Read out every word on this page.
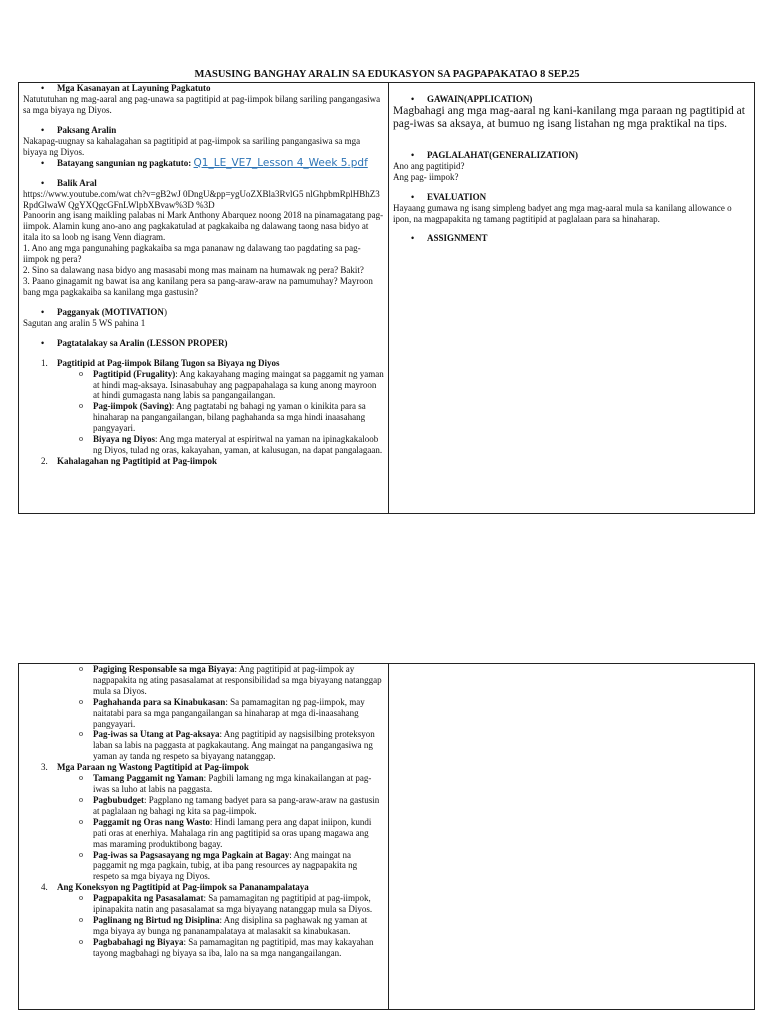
MASUSING BANGHAY ARALIN SA EDUKASYON SA PAGPAPAKATAO 8 SEP.25
• Mga Kasanayan at Layuning Pagkatuto
Natututuhan ng mag-aaral ang pag-unawa sa pagtitipid at pag-iimpok bilang sariling pangangasiwa sa mga biyaya ng Diyos.
• Paksang Aralin
Nakapag-uugnay sa kahalagahan sa pagtitipid at pag-iimpok sa sariling pangangasiwa sa mga biyaya ng Diyos.
• Batayang sangunian ng pagkatuto: Q1_LE_VE7_Lesson 4_Week 5.pdf
• Balik Aral
https://www.youtube.com/wat ch?v=gB2wJ 0DngU&pp=ygUoZXBla3RvlG5 nlGhpbmRplHBhZ3RpdGlwaW QgYXQgcGFnLWlpbXBvaw%3D %3D
Panoorin ang isang maikling palabas ni Mark Anthony Abarquez noong 2018 na pinamagatang pag-iimpok. Alamin kung ano-ano ang pagkakatulad at pagkakaiba ng dalawang taong nasa bidyo at itala ito sa loob ng isang Venn diagram.
1. Ano ang mga pangunahing pagkakaiba sa mga pananaw ng dalawang tao pagdating sa pag-iimpok ng pera?
2. Sino sa dalawang nasa bidyo ang masasabi mong mas mainam na humawak ng pera? Bakit?
3. Paano ginagamit ng bawat isa ang kanilang pera sa pang-araw-araw na pamumuhay? Mayroon bang mga pagkakaiba sa kanilang mga gastusin?
• Pagganyak (MOTIVATION)
Sagutan ang aralin 5 WS pahina 1
• Pagtatalakay sa Aralin (LESSON PROPER)
1. Pagtitipid at Pag-iimpok Bilang Tugon sa Biyaya ng Diyos
o Pagtitipid (Frugality): Ang kakayahang maging maingat sa paggamit ng yaman at hindi mag-aksaya. Isinasabuhay ang pagpapahalaga sa kung anong mayroon at hindi gumagasta nang labis sa pangangailangan.
o Pag-iimpok (Saving): Ang pagtatabi ng bahagi ng yaman o kinikita para sa hinaharap na pangangailangan, bilang paghahanda sa mga hindi inaasahang pangyayari.
o Biyaya ng Diyos: Ang mga materyal at espiritwal na yaman na ipinagkakaloob ng Diyos, tulad ng oras, kakayahan, yaman, at kalusugan, na dapat pangalagaan.
2. Kahalagahan ng Pagtitipid at Pag-iimpok
• GAWAIN(APPLICATION)
Magbahagi ang mga mag-aaral ng kani-kanilang mga paraan ng pagtitipid at pag-iwas sa aksaya, at bumuo ng isang listahan ng mga praktikal na tips.
• PAGLALAHAT(GENERALIZATION)
Ano ang pagtitipid?
Ang pag- iimpok?
• EVALUATION
Hayaang gumawa ng isang simpleng badyet ang mga mag-aaral mula sa kanilang allowance o ipon, na magpapakita ng tamang pagtitipid at paglalaan para sa hinaharap.
• ASSIGNMENT
o Pagiging Responsable sa mga Biyaya: Ang pagtitipid at pag-iimpok ay nagpapakita ng ating pasasalamat at responsibilidad sa mga biyayang natanggap mula sa Diyos.
o Paghahanda para sa Kinabukasan: Sa pamamagitan ng pag-iimpok, may naitatabi para sa mga pangangailangan sa hinaharap at mga di-inaasahang pangyayari.
o Pag-iwas sa Utang at Pag-aksaya: Ang pagtitipid ay nagsisilbing proteksyon laban sa labis na paggasta at pagkakautang. Ang maingat na pangangasiwa ng yaman ay tanda ng respeto sa biyayang natanggap.
3. Mga Paraan ng Wastong Pagtitipid at Pag-iimpok
o Tamang Paggamit ng Yaman: Pagbili lamang ng mga kinakailangan at pag-iwas sa luho at labis na paggasta.
o Pagbubudget: Pagplano ng tamang badyet para sa pang-araw-araw na gastusin at paglalaan ng bahagi ng kita sa pag-iimpok.
o Paggamit ng Oras nang Wasto: Hindi lamang pera ang dapat iniipon, kundi pati oras at enerhiya. Mahalaga rin ang pagtitipid sa oras upang magawa ang mas maraming produktibong bagay.
o Pag-iwas sa Pagsasayang ng mga Pagkain at Bagay: Ang maingat na paggamit ng mga pagkain, tubig, at iba pang resources ay nagpapakita ng respeto sa mga biyaya ng Diyos.
4. Ang Koneksyon ng Pagtitipid at Pag-iimpok sa Pananampalataya
o Pagpapakita ng Pasasalamat: Sa pamamagitan ng pagtitipid at pag-iimpok, ipinapakita natin ang pasasalamat sa mga biyayang natanggap mula sa Diyos.
o Paglinang ng Birtud ng Disiplina: Ang disiplina sa paghawak ng yaman at mga biyaya ay bunga ng pananampalataya at malasakit sa kinabukasan.
o Pagbabahagi ng Biyaya: Sa pamamagitan ng pagtitipid, mas may kakayahan tayong magbahagi ng biyaya sa iba, lalo na sa mga nangangailangan.
